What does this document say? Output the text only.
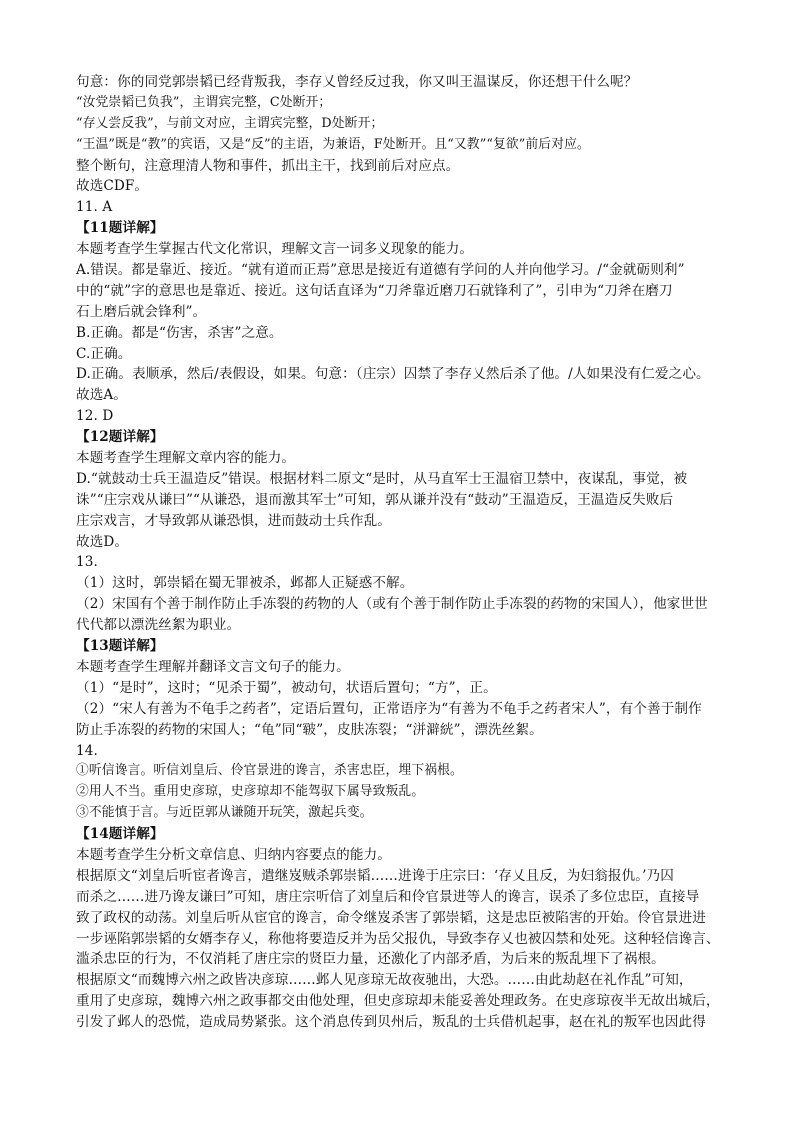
句意：你的同党郭崇韬已经背叛我，李存乂曾经反过我，你又叫王温谋反，你还想干什么呢？
“汝党崇韬已负我”，主谓宾完整，C处断开；
“存乂尝反我”，与前文对应，主谓宾完整，D处断开；
“王温”既是“教”的宾语，又是“反”的主语，为兼语，F处断开。且“又教”“复欲”前后对应。
整个断句，注意理清人物和事件，抓出主干，找到前后对应点。
故选CDF。
11. A
【11题详解】
本题考查学生掌握古代文化常识，理解文言一词多义现象的能力。
A.错误。都是靠近、接近。“就有道而正焉”意思是接近有道德有学问的人并向他学习。/“金就砺则利”
中的“就”字的意思也是靠近、接近。这句话直译为“刀斧靠近磨刀石就锋利了”，引申为“刀斧在磨刀
石上磨后就会锋利”。
B.正确。都是“伤害，杀害”之意。
C.正确。
D.正确。表顺承，然后/表假设，如果。句意：（庄宗）囚禁了李存乂然后杀了他。/人如果没有仁爱之心。
故选A。
12. D
【12题详解】
本题考查学生理解文章内容的能力。
D.“就鼓动士兵王温造反”错误。根据材料二原文“是时，从马直军士王温宿卫禁中，夜谋乱，事觉，被
诛”“庄宗戏从谦曰”“从谦恐，退而激其军士”可知，郭从谦并没有“鼓动”王温造反，王温造反失败后
庄宗戏言，才导致郭从谦恐惧，进而鼓动士兵作乱。
故选D。
13.
（1）这时，郭崇韬在蜀无罪被杀，邺都人正疑惑不解。
（2）宋国有个善于制作防止手冻裂的药物的人（或有个善于制作防止手冻裂的药物的宋国人），他家世世
代代都以漂洗丝絮为职业。
【13题详解】
本题考查学生理解并翻译文言文句子的能力。
（1）“是时”，这时；“见杀于蜀”，被动句，状语后置句；“方”，正。
（2）“宋人有善为不龟手之药者”，定语后置句，正常语序为“有善为不龟手之药者宋人”，有个善于制作
防止手冻裂的药物的宋国人；“龟”同“皲”，皮肤冻裂；“洴澼絖”，漂洗丝絮。
14.
①听信谗言。听信刘皇后、伶官景进的谗言，杀害忠臣，埋下祸根。
②用人不当。重用史彦琼，史彦琼却不能驾驭下属导致叛乱。
③不能慎于言。与近臣郭从谦随开玩笑，激起兵变。
【14题详解】
本题考查学生分析文章信息、归纳内容要点的能力。
根据原文“刘皇后听宦者谗言，遣继岌贼杀郭崇韬……进谗于庄宗曰：‘存乂且反，为妇翁报仇。’乃囚
而杀之……进乃谗友谦曰”可知，唐庄宗听信了刘皇后和伶官景进等人的谗言，误杀了多位忠臣，直接导
致了政权的动荡。刘皇后听从宦官的谗言，命令继岌杀害了郭崇韬，这是忠臣被陷害的开始。伶官景进进
一步诬陷郭崇韬的女婿李存乂，称他将要造反并为岳父报仇，导致李存乂也被囚禁和处死。这种轻信谗言、
滥杀忠臣的行为，不仅消耗了唐庄宗的贤臣力量，还激化了内部矛盾，为后来的叛乱埋下了祸根。
根据原文“而魏博六州之政皆决彦琼……邺人见彦琼无故夜驰出，大恐。……由此劫赵在礼作乱”可知，
重用了史彦琼，魏博六州之政事都交由他处理，但史彦琼却未能妥善处理政务。在史彦琼夜半无故出城后，
引发了邺人的恐慌，造成局势紧张。这个消息传到贝州后，叛乱的士兵借机起事，赵在礼的叛军也因此得
